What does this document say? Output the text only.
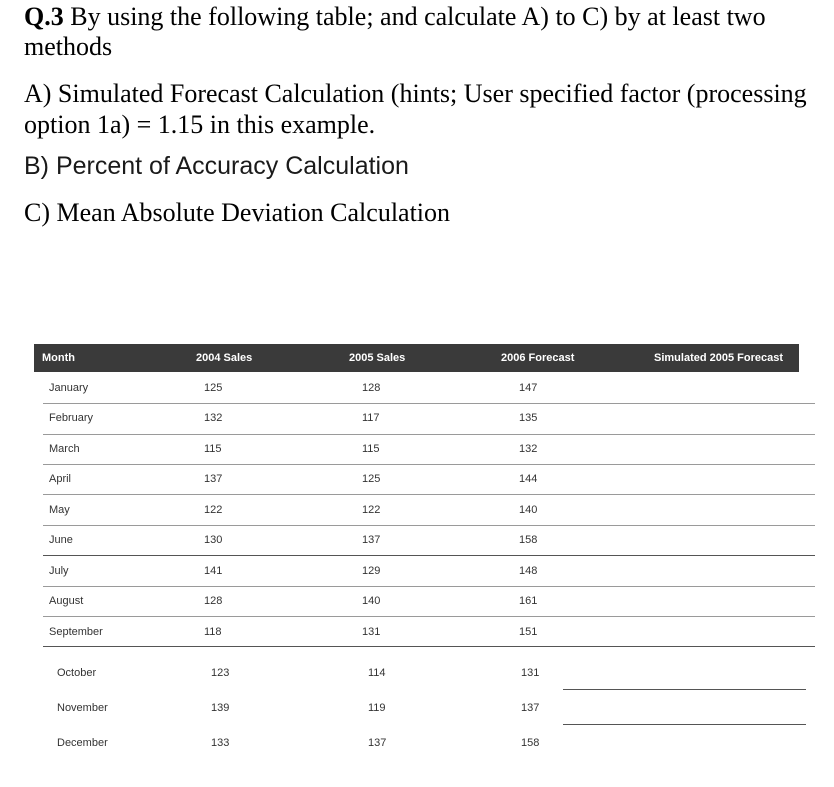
Q.3 By using the following table; and calculate A) to C) by at least two methods
A) Simulated Forecast Calculation (hints; User specified factor (processing option 1a) = 1.15 in this example.
B) Percent of Accuracy Calculation
C) Mean Absolute Deviation Calculation
Month	2004 Sales	2005 Sales	2006 Forecast	Simulated 2005 Forecast
January	125	128	147
February	132	117	135
March	115	115	132
April	137	125	144
May	122	122	140
June	130	137	158
July	141	129	148
August	128	140	161
September	118	131	151
October	123	114	131
November	139	119	137
December	133	137	158
